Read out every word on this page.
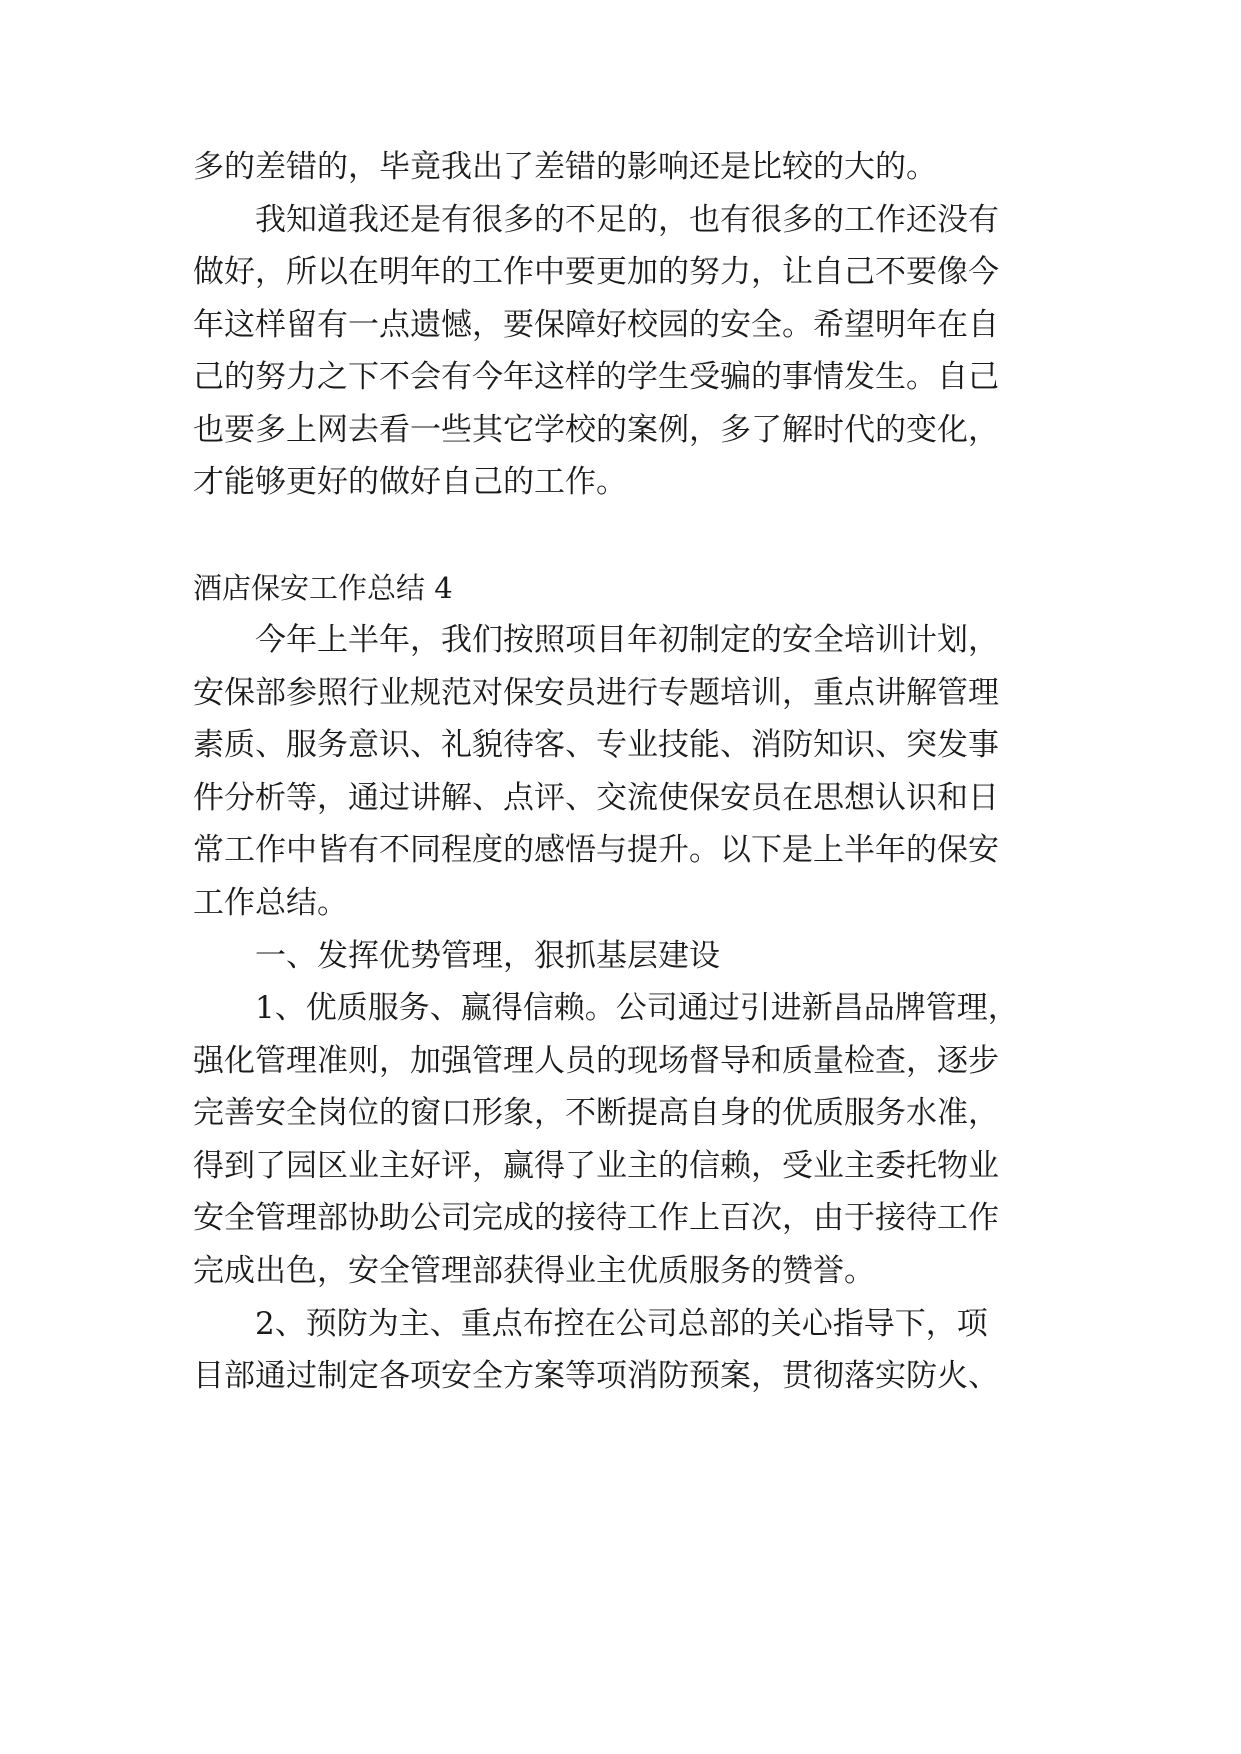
多的差错的，毕竟我出了差错的影响还是比较的大的。
我知道我还是有很多的不足的，也有很多的工作还没有
做好，所以在明年的工作中要更加的努力，让自己不要像今
年这样留有一点遗憾，要保障好校园的安全。希望明年在自
己的努力之下不会有今年这样的学生受骗的事情发生。自己
也要多上网去看一些其它学校的案例，多了解时代的变化，
才能够更好的做好自己的工作。
酒店保安工作总结 4
今年上半年，我们按照项目年初制定的安全培训计划，
安保部参照行业规范对保安员进行专题培训，重点讲解管理
素质、服务意识、礼貌待客、专业技能、消防知识、突发事
件分析等，通过讲解、点评、交流使保安员在思想认识和日
常工作中皆有不同程度的感悟与提升。以下是上半年的保安
工作总结。
一、发挥优势管理，狠抓基层建设
1、优质服务、赢得信赖。公司通过引进新昌品牌管理，
强化管理准则，加强管理人员的现场督导和质量检查，逐步
完善安全岗位的窗口形象，不断提高自身的优质服务水准，
得到了园区业主好评，赢得了业主的信赖，受业主委托物业
安全管理部协助公司完成的接待工作上百次，由于接待工作
完成出色，安全管理部获得业主优质服务的赞誉。
2、预防为主、重点布控在公司总部的关心指导下，项
目部通过制定各项安全方案等项消防预案，贯彻落实防火、
